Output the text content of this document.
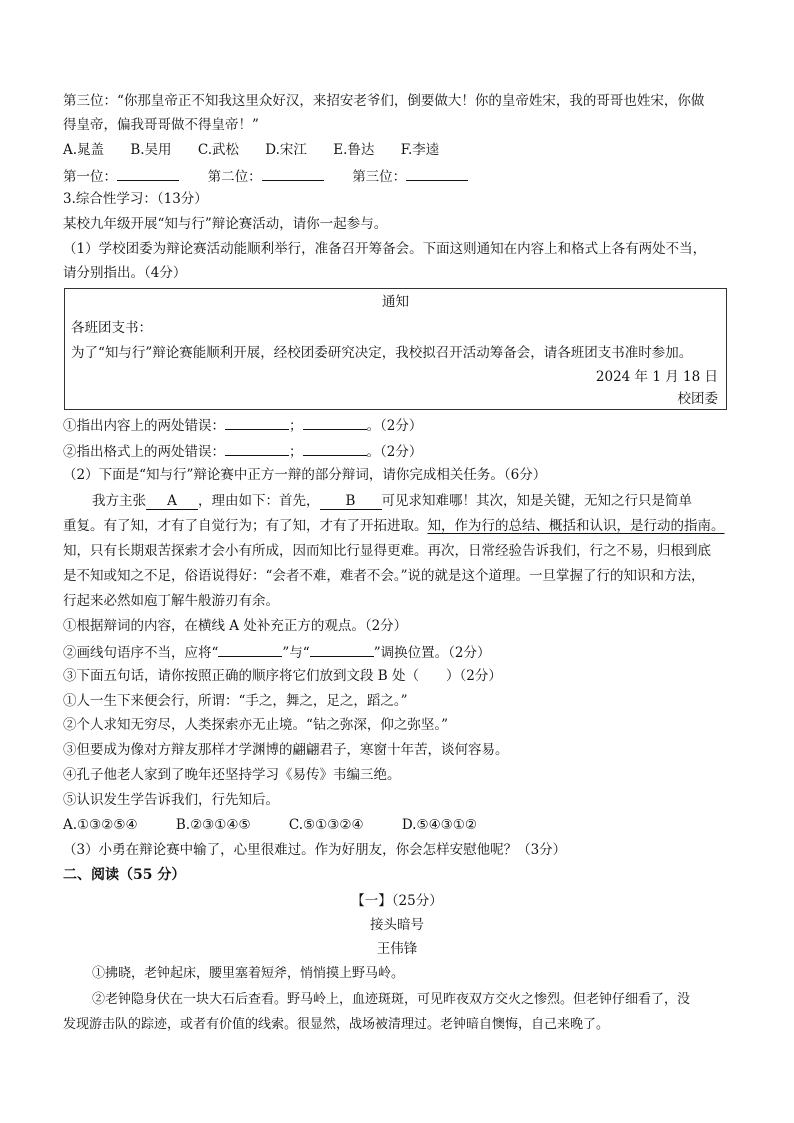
第三位：“你那皇帝正不知我这里众好汉，来招安老爷们，倒要做大！你的皇帝姓宋，我的哥哥也姓宋，你做
得皇帝，偏我哥哥做不得皇帝！”
A.晁盖 B.吴用 C.武松 D.宋江 E.鲁达 F.李逵
第一位：	第二位：	第三位：
3.综合性学习：（13分）
某校九年级开展“知与行”辩论赛活动，请你一起参与。
（1）学校团委为辩论赛活动能顺利举行，准备召开筹备会。下面这则通知在内容上和格式上各有两处不当，
请分别指出。（4分）
通知
各班团支书：
为了“知与行”辩论赛能顺利开展，经校团委研究决定，我校拟召开活动筹备会，请各班团支书准时参加。
2024 年 1 月 18 日
校团委
①指出内容上的两处错误：	；	。（2分）
②指出格式上的两处错误：	；	。（2分）
（2）下面是“知与行”辩论赛中正方一辩的部分辩词，请你完成相关任务。（6分）
我方主张 A ，理由如下：首先， B 可见求知难哪！其次，知是关键，无知之行只是简单
重复。有了知，才有了自觉行为；有了知，才有了开拓进取。知，作为行的总结、概括和认识，是行动的指南。
知，只有长期艰苦探索才会小有所成，因而知比行显得更难。再次，日常经验告诉我们，行之不易，归根到底
是不知或知之不足，俗语说得好：“会者不难，难者不会。”说的就是这个道理。一旦掌握了行的知识和方法，
行起来必然如庖丁解牛般游刃有余。
①根据辩词的内容，在横线 A 处补充正方的观点。（2分）
②画线句语序不当，应将“	”与“	”调换位置。（2分）
③下面五句话，请你按照正确的顺序将它们放到文段 B 处（　　）（2分）
①人一生下来便会行，所谓：“手之，舞之，足之，蹈之。”
②个人求知无穷尽，人类探索亦无止境。“钻之弥深，仰之弥坚。”
③但要成为像对方辩友那样才学渊博的翩翩君子，寒窗十年苦，谈何容易。
④孔子他老人家到了晚年还坚持学习《易传》韦编三绝。
⑤认识发生学告诉我们，行先知后。
A.①③②⑤④	B.②③①④⑤	C.⑤①③②④	D.⑤④③①②
（3）小勇在辩论赛中输了，心里很难过。作为好朋友，你会怎样安慰他呢？（3分）
二、阅读（55 分）
【一】（25分）
接头暗号
王伟锋
①拂晓，老钟起床，腰里塞着短斧，悄悄摸上野马岭。
②老钟隐身伏在一块大石后查看。野马岭上，血迹斑斑，可见昨夜双方交火之惨烈。但老钟仔细看了，没
发现游击队的踪迹，或者有价值的线索。很显然，战场被清理过。老钟暗自懊悔，自己来晚了。
